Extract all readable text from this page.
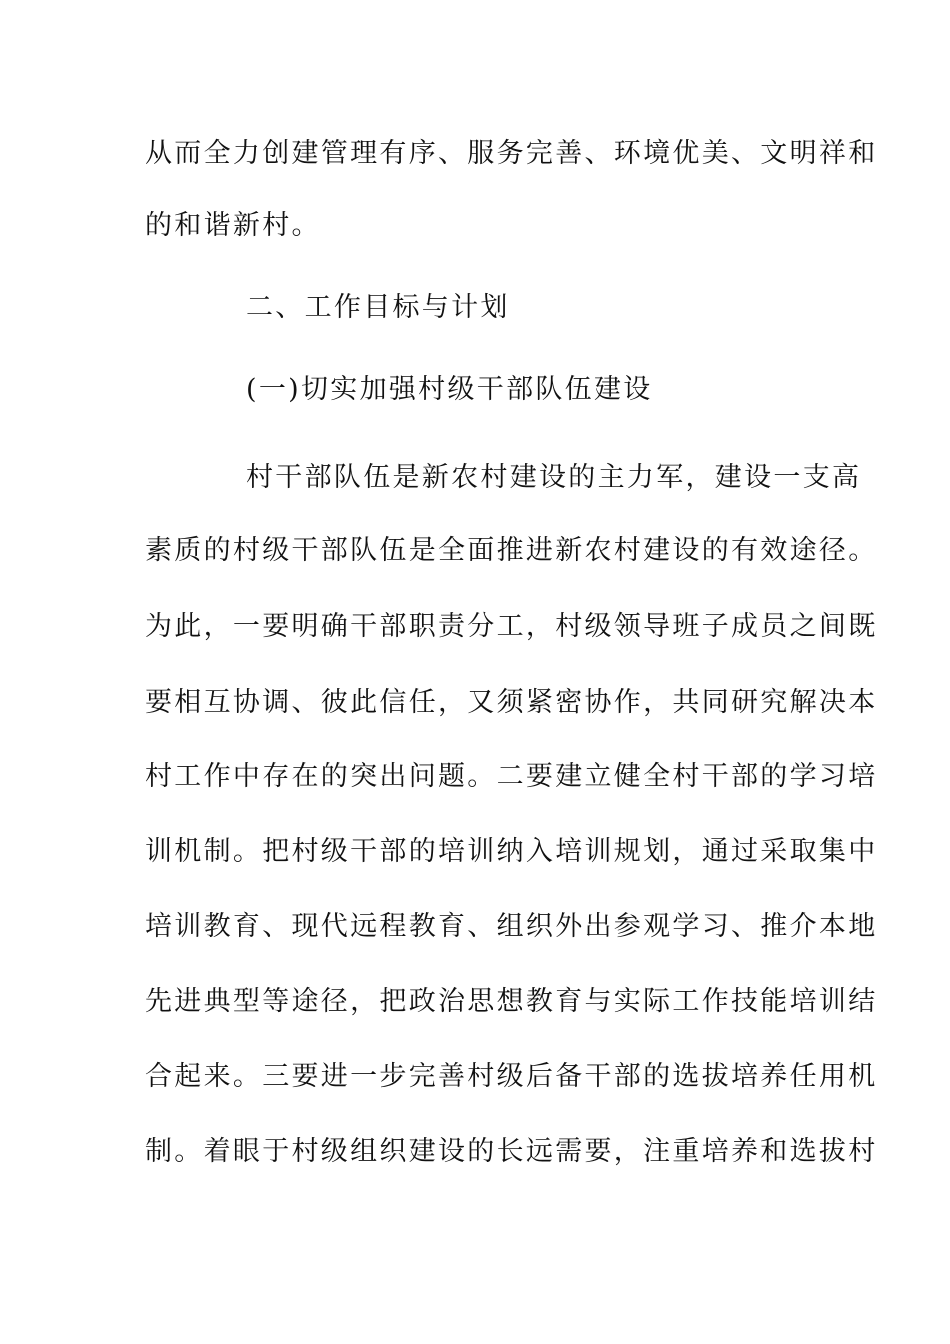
从而全力创建管理有序、服务完善、环境优美、文明祥和
的和谐新村。
二、工作目标与计划
(一)切实加强村级干部队伍建设
村干部队伍是新农村建设的主力军，建设一支高
素质的村级干部队伍是全面推进新农村建设的有效途径。
为此，一要明确干部职责分工，村级领导班子成员之间既
要相互协调、彼此信任，又须紧密协作，共同研究解决本
村工作中存在的突出问题。二要建立健全村干部的学习培
训机制。把村级干部的培训纳入培训规划，通过采取集中
培训教育、现代远程教育、组织外出参观学习、推介本地
先进典型等途径，把政治思想教育与实际工作技能培训结
合起来。三要进一步完善村级后备干部的选拔培养任用机
制。着眼于村级组织建设的长远需要，注重培养和选拔村
